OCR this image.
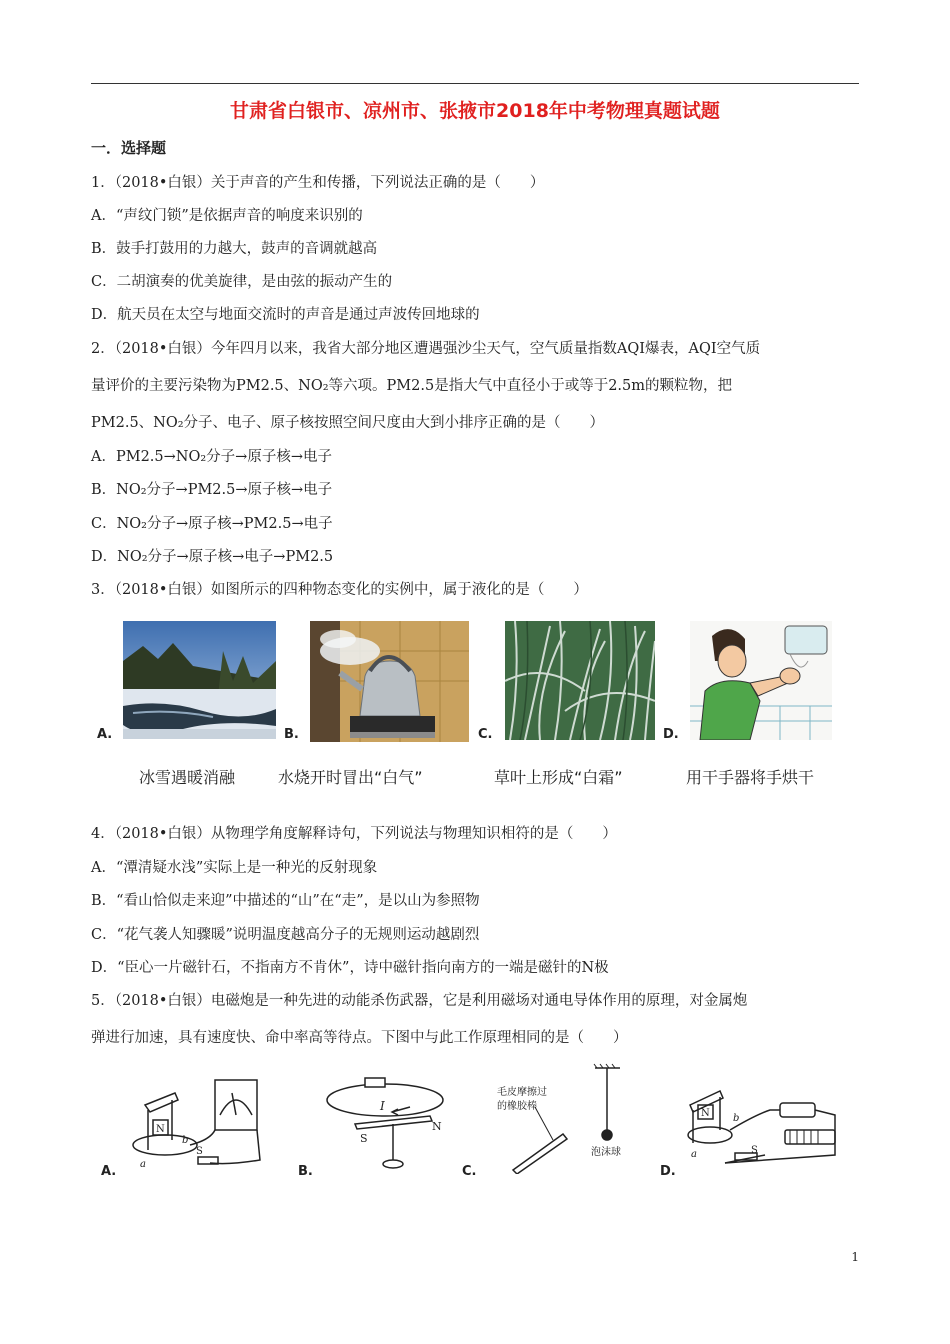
甘肃省白银市、凉州市、张掖市2018年中考物理真题试题
一．选择题
1．（2018•白银）关于声音的产生和传播，下列说法正确的是（　　）
A．“声纹门锁”是依据声音的响度来识别的
B．鼓手打鼓用的力越大，鼓声的音调就越高
C．二胡演奏的优美旋律，是由弦的振动产生的
D．航天员在太空与地面交流时的声音是通过声波传回地球的
2．（2018•白银）今年四月以来，我省大部分地区遭遇强沙尘天气，空气质量指数AQI爆表，AQI空气质
量评价的主要污染物为PM2.5、NO₂等六项。PM2.5是指大气中直径小于或等于2.5m的颗粒物，把
PM2.5、NO₂分子、电子、原子核按照空间尺度由大到小排序正确的是（　　）
A．PM2.5→NO₂分子→原子核→电子
B．NO₂分子→PM2.5→原子核→电子
C．NO₂分子→原子核→PM2.5→电子
D．NO₂分子→原子核→电子→PM2.5
3．（2018•白银）如图所示的四种物态变化的实例中，属于液化的是（　　）
A.	B.	C.	D.
冰雪遇暖消融	水烧开时冒出“白气”	草叶上形成“白霜”	用干手器将手烘干
4．（2018•白银）从物理学角度解释诗句，下列说法与物理知识相符的是（　　）
A．“潭清疑水浅”实际上是一种光的反射现象
B．“看山恰似走来迎”中描述的“山”在“走”，是以山为参照物
C．“花气袭人知骤暖”说明温度越高分子的无规则运动越剧烈
D．“臣心一片磁针石，不指南方不肯休”，诗中磁针指向南方的一端是磁针的N极
5．（2018•白银）电磁炮是一种先进的动能杀伤武器，它是利用磁场对通电导体作用的原理，对金属炮
弹进行加速，具有速度快、命中率高等待点。下图中与此工作原理相同的是（　　）
N
a
b
S
A.
I
S
N
B.
泡沫球
毛皮摩擦过
的橡胶棒
C.
N
a
b
S
D.
1
